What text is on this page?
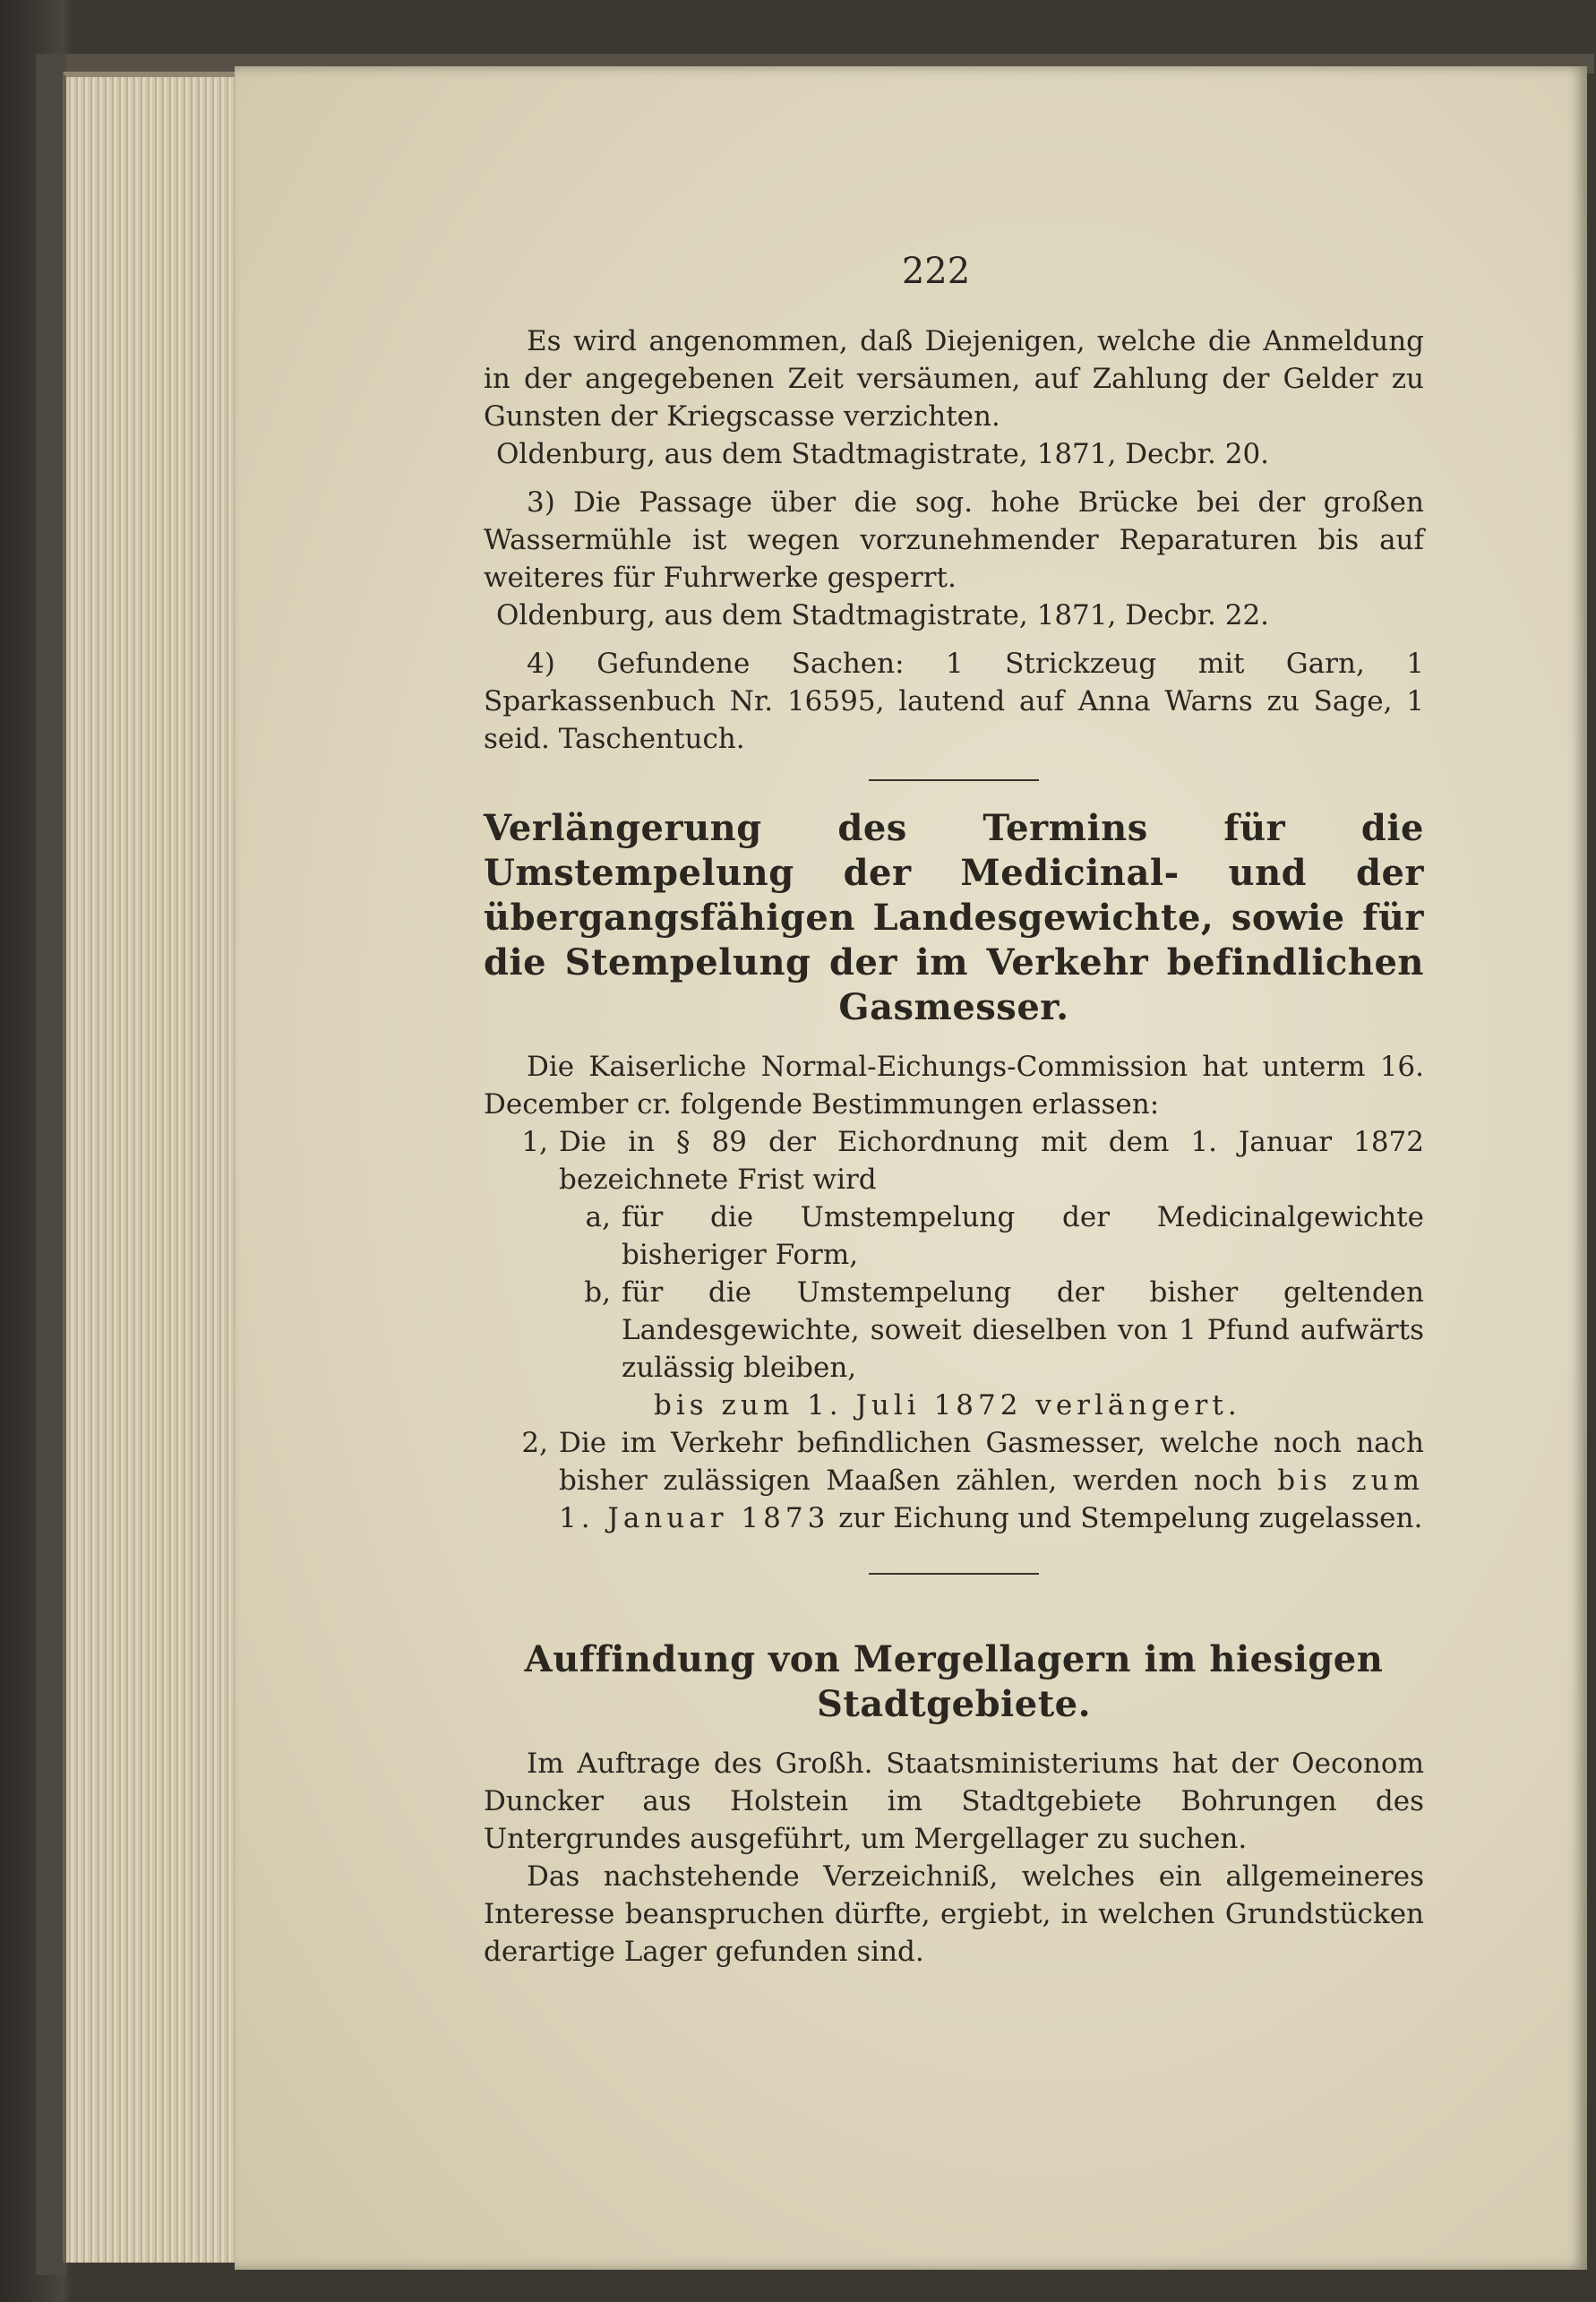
222

Es wird angenommen, daß Diejenigen, welche die Anmeldung in der angegebenen Zeit versäumen, auf Zahlung der Gelder zu Gunsten der Kriegscasse verzichten.

Oldenburg, aus dem Stadtmagistrate, 1871, Decbr. 20.

3) Die Passage über die sog. hohe Brücke bei der großen Wassermühle ist wegen vorzunehmender Reparaturen bis auf weiteres für Fuhrwerke gesperrt.

Oldenburg, aus dem Stadtmagistrate, 1871, Decbr. 22.

4) Gefundene Sachen: 1 Strickzeug mit Garn, 1 Sparkassenbuch Nr. 16595, lautend auf Anna Warns zu Sage, 1 seid. Taschentuch.

Verlängerung des Termins für die Umstempelung der Medicinal- und der übergangsfähigen Landesgewichte, sowie für die Stempelung der im Verkehr befindlichen Gasmesser.

Die Kaiserliche Normal-Eichungs-Commission hat unterm 16. December cr. folgende Bestimmungen erlassen:

1, Die in § 89 der Eichordnung mit dem 1. Januar 1872 bezeichnete Frist wird
a, für die Umstempelung der Medicinalgewichte bisheriger Form,
b, für die Umstempelung der bisher geltenden Landesgewichte, soweit dieselben von 1 Pfund aufwärts zulässig bleiben,
bis zum 1. Juli 1872 verlängert.
2, Die im Verkehr befindlichen Gasmesser, welche noch nach bisher zulässigen Maaßen zählen, werden noch bis zum 1. Januar 1873 zur Eichung und Stempelung zugelassen.
Auffindung von Mergellagern im hiesigen Stadtgebiete.

Im Auftrage des Großh. Staatsministeriums hat der Oeconom Duncker aus Holstein im Stadtgebiete Bohrungen des Untergrundes ausgeführt, um Mergellager zu suchen.

Das nachstehende Verzeichniß, welches ein allgemeineres Interesse beanspruchen dürfte, ergiebt, in welchen Grundstücken derartige Lager gefunden sind.
